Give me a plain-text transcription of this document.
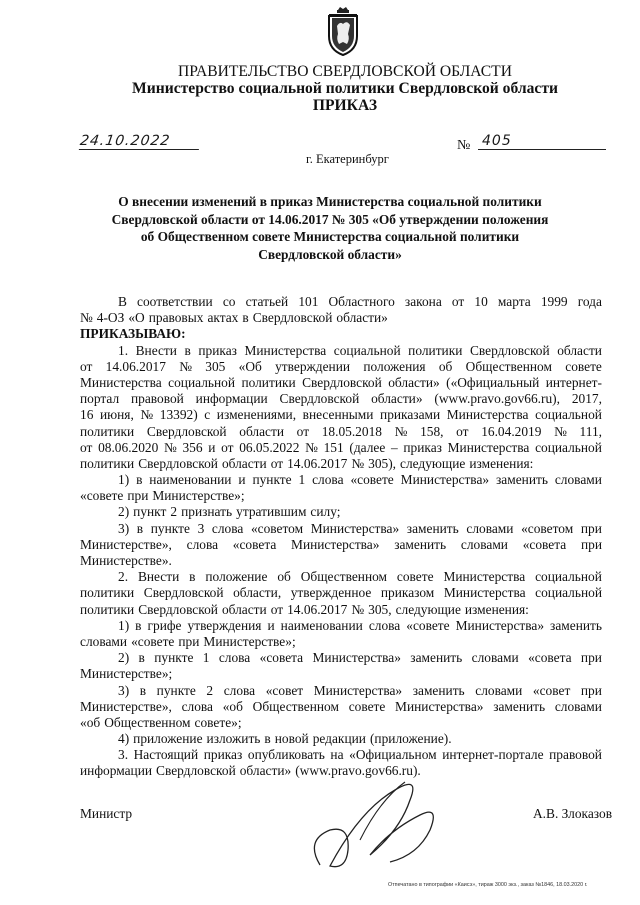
ПРАВИТЕЛЬСТВО СВЕРДЛОВСКОЙ ОБЛАСТИ
Министерство социальной политики Свердловской области
ПРИКАЗ
24.10.2022	№ 405
г. Екатеринбург
О внесении изменений в приказ Министерства социальной политики
Свердловской области от 14.06.2017 № 305 «Об утверждении положения
об Общественном совете Министерства социальной политики
Свердловской области»
В соответствии со статьей 101 Областного закона от 10 марта 1999 года
№ 4-ОЗ «О правовых актах в Свердловской области»
ПРИКАЗЫВАЮ:
1. Внести в приказ Министерства социальной политики Свердловской области
от 14.06.2017 № 305 «Об утверждении положения об Общественном совете
Министерства социальной политики Свердловской области» («Официальный интернет-
портал правовой информации Свердловской области» (www.pravo.gov66.ru), 2017,
16 июня, № 13392) с изменениями, внесенными приказами Министерства социальной
политики Свердловской области от 18.05.2018 № 158, от 16.04.2019 № 111,
от 08.06.2020 № 356 и от 06.05.2022 № 151 (далее – приказ Министерства социальной
политики Свердловской области от 14.06.2017 № 305), следующие изменения:
1) в наименовании и пункте 1 слова «совете Министерства» заменить словами
«совете при Министерстве»;
2) пункт 2 признать утратившим силу;
3) в пункте 3 слова «советом Министерства» заменить словами «советом при
Министерстве», слова «совета Министерства» заменить словами «совета при
Министерстве».
2. Внести в положение об Общественном совете Министерства социальной
политики Свердловской области, утвержденное приказом Министерства социальной
политики Свердловской области от 14.06.2017 № 305, следующие изменения:
1) в грифе утверждения и наименовании слова «совете Министерства» заменить
словами «совете при Министерстве»;
2) в пункте 1 слова «совета Министерства» заменить словами «совета при
Министерстве»;
3) в пункте 2 слова «совет Министерства» заменить словами «совет при
Министерстве», слова «об Общественном совете Министерства» заменить словами
«об Общественном совете»;
4) приложение изложить в новой редакции (приложение).
3. Настоящий приказ опубликовать на «Официальном интернет-портале правовой
информации Свердловской области» (www.pravo.gov66.ru).
Министр	А.В. Злоказов
Отпечатано в типографии «Каисэ», тираж 3000 экз., заказ №1846, 18.03.2020 г.
